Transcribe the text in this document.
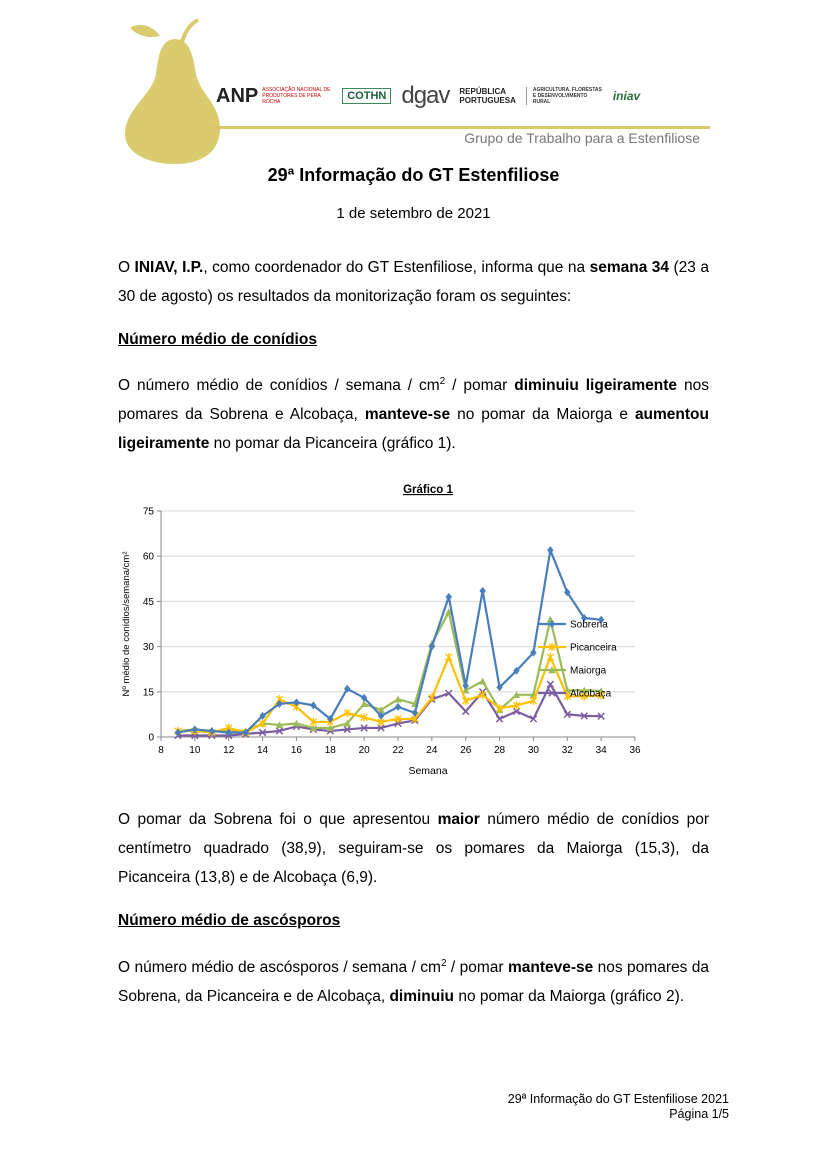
ANP ASSOCIAÇÃO NACIONAL DE PRODUTORES DE PERA ROCHA	COTHN dgav REPÚBLICA
PORTUGUESA
AGRICULTURA, FLORESTAS E DESENVOLVIMENTO RURAL	iniav
Grupo de Trabalho para a Estenfiliose
29ª Informação do GT Estenfiliose
1 de setembro de 2021
O INIAV, I.P., como coordenador do GT Estenfiliose, informa que na semana 34 (23 a 30 de agosto) os resultados da monitorização foram os seguintes:
Número médio de conídios
O número médio de conídios / semana / $cm^2$ / pomar diminuiu ligeiramente nos pomares da Sobrena e Alcobaça, manteve-se no pomar da Maiorga e aumentou ligeiramente no pomar da Picanceira (gráfico 1).
Gráfico 1
0
15
30
45
60
75
8	10 12 14 16 18 20 22 24 26 28 30 32 34 36
Sobrena
Picanceira
Maiorga
Alcobaça
Semana
Nº médio de conídios/semana/cm²
O pomar da Sobrena foi o que apresentou maior número médio de conídios por centímetro quadrado (38,9), seguiram-se os pomares da Maiorga (15,3), da Picanceira (13,8) e de Alcobaça (6,9).
Número médio de ascósporos
O número médio de ascósporos / semana / $cm^2$ / pomar manteve-se nos pomares da Sobrena, da Picanceira e de Alcobaça, diminuiu no pomar da Maiorga (gráfico 2).
29ª Informação do GT Estenfiliose 2021
Página 1/5
